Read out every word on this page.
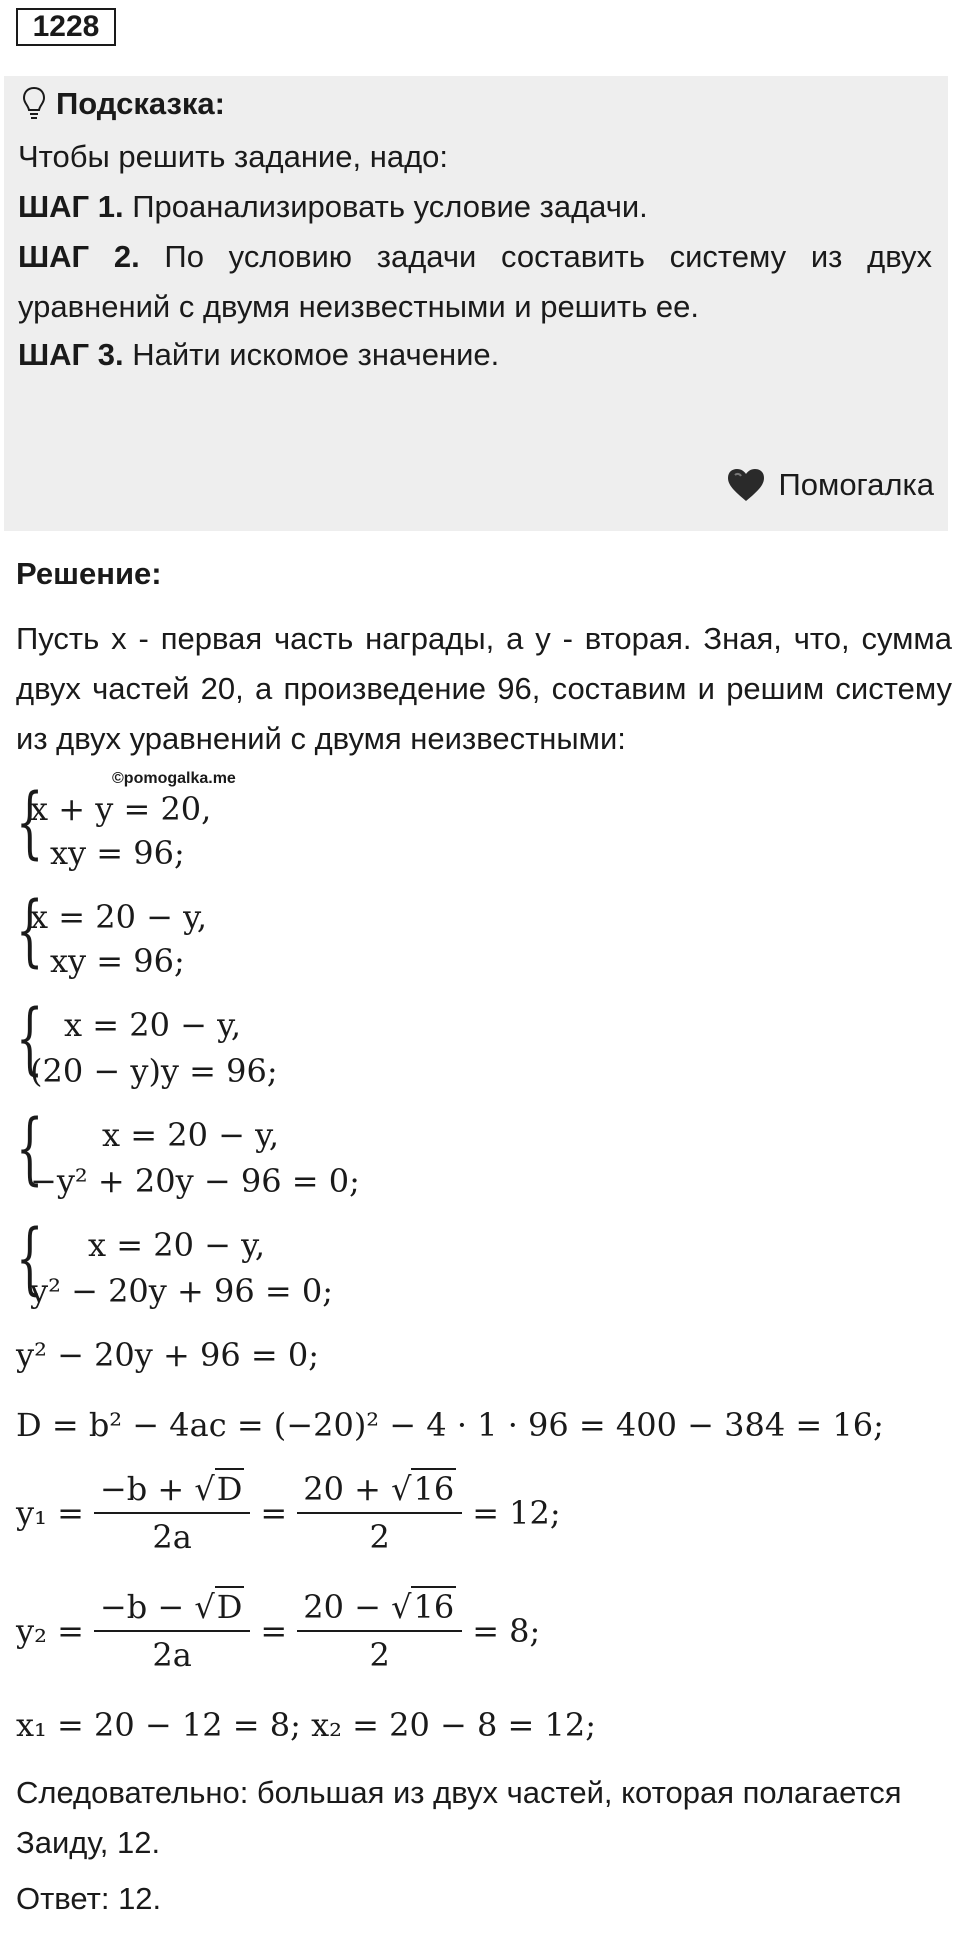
1228
Подсказка:
Чтобы решить задание, надо:
ШАГ 1. Проанализировать условие задачи.
ШАГ 2. По условию задачи составить систему из двух уравнений с двумя неизвестными и решить ее.
ШАГ 3. Найти искомое значение.
Помогалка
Решение:
Пусть x - первая часть награды, а y - вторая. Зная, что, сумма двух частей 20, а произведение 96, составим и решим систему из двух уравнений с двумя неизвестными:
©pomogalka.me
{
x + y = 20,
xy = 96;
{
x = 20 − y,
xy = 96;
{ x = 20 − y,
(20 − y)y = 96;
{ x = 20 − y,
−y² + 20y − 96 = 0;
{ x = 20 − y,
y² − 20y + 96 = 0;
y² − 20y + 96 = 0;
D = b² − 4ac = (−20)² − 4 · 1 · 96 = 400 − 384 = 16;
$y_1 = \frac{-b + √D}{2a} = \frac{20 + √16}{2} = 12$;
$y_2 = \frac{-b - √D}{2a} = \frac{20 - √16}{2} = 8$;
x₁ = 20 − 12 = 8; x₂ = 20 − 8 = 12;
Следовательно: большая из двух частей, которая полагается Заиду, 12.
Ответ: 12.
